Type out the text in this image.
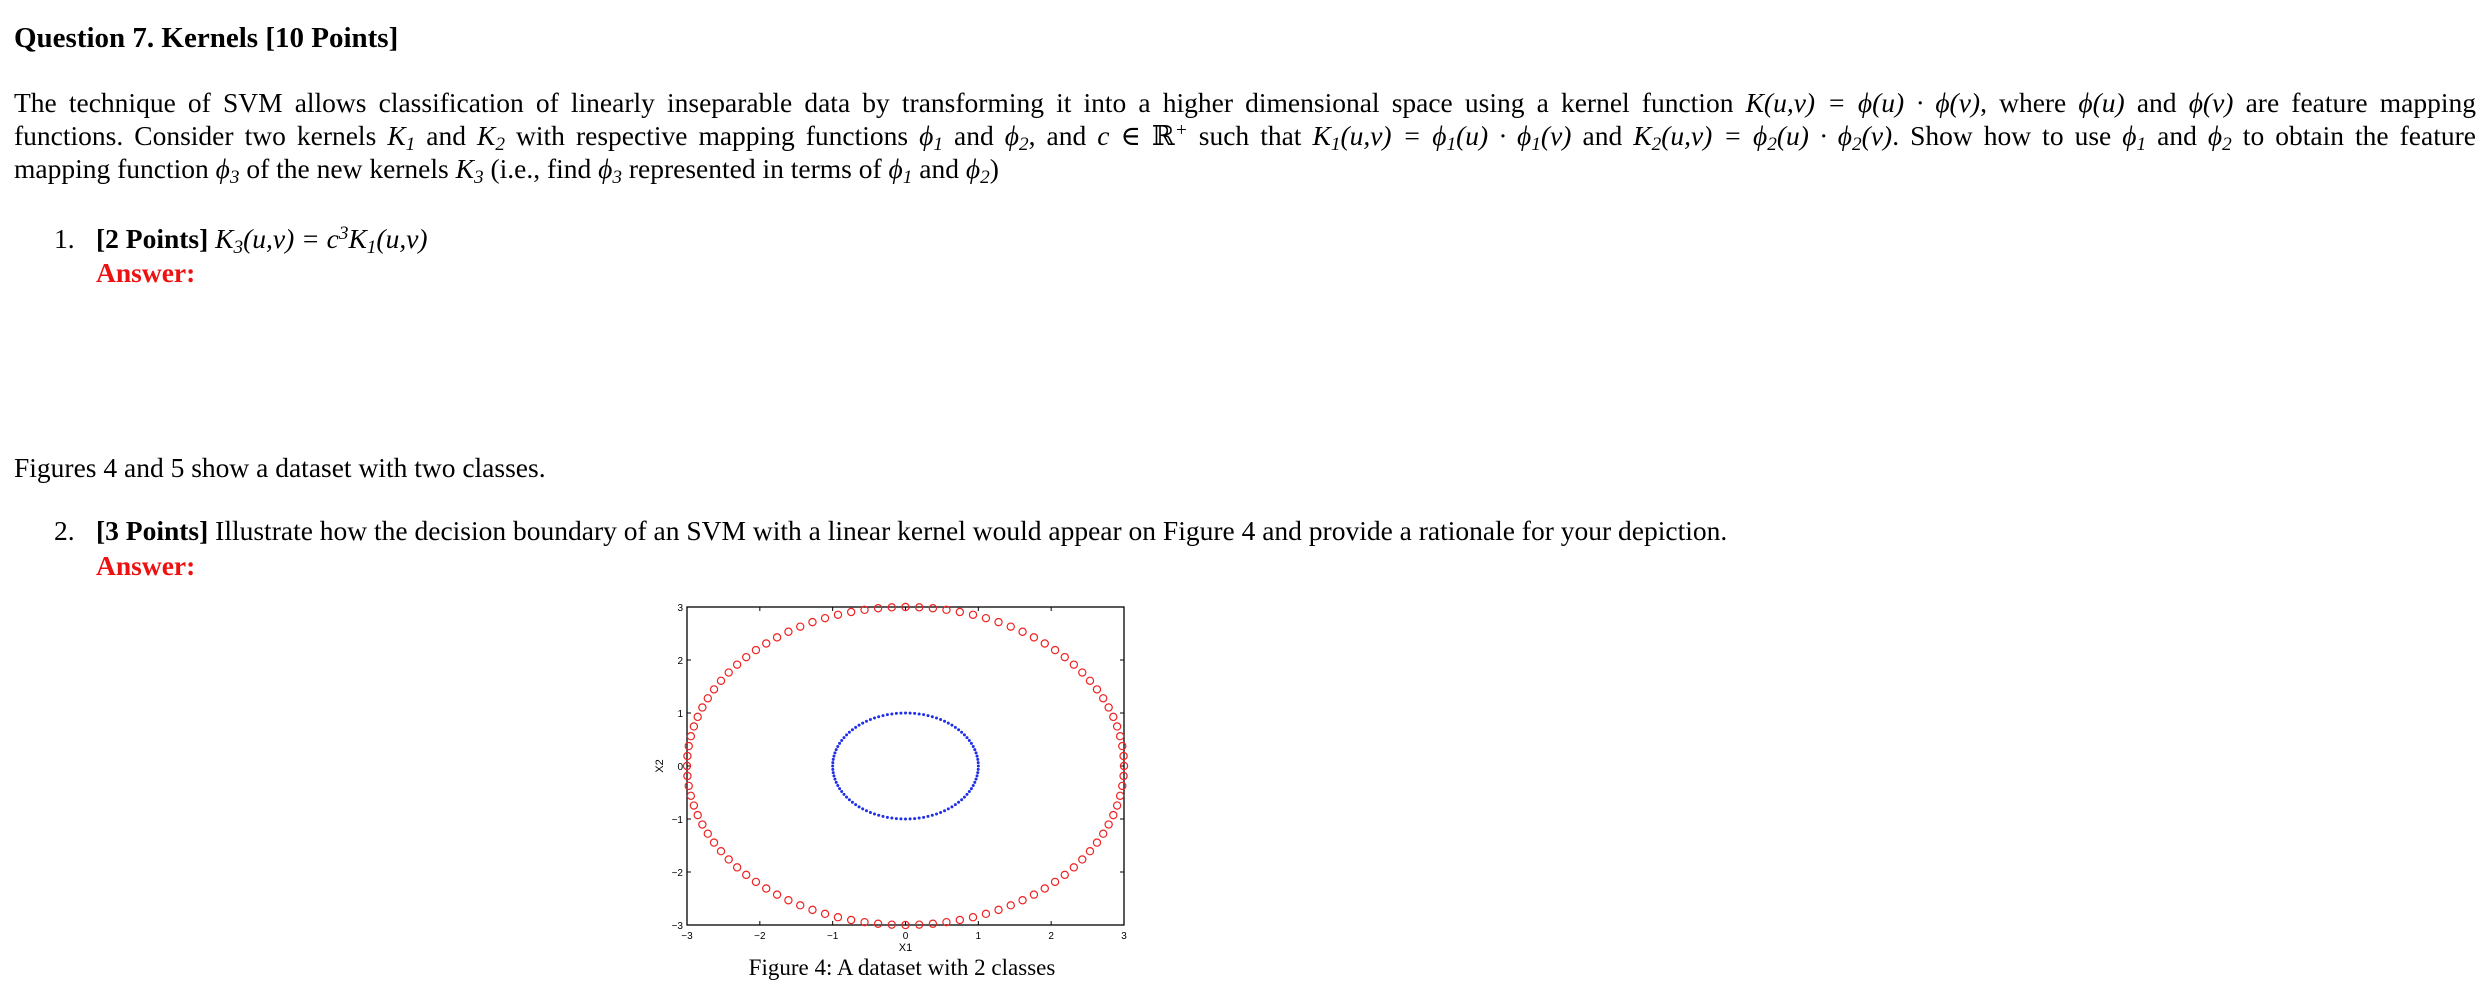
Question 7. Kernels [10 Points]
The technique of SVM allows classification of linearly inseparable data by transforming it into a higher dimensional space using a kernel function K(u,v) = ϕ(u) · ϕ(v), where ϕ(u) and ϕ(v) are feature mapping
functions. Consider two kernels $K_1$ and $K_2$ with respective mapping functions $\phi_1$ and $\phi_2$, and c ∈ ℝ+ such that $K_1(u,v) = \phi_1(u) \cdot \phi_1(v)$ and $K_2(u,v) = \phi_2(u) \cdot \phi_2(v)$. Show how to use $\phi_1$ and $\phi_2$ to obtain the feature
mapping function $\phi_3$ of the new kernels $K_3$ (i.e., find $\phi_3$ represented in terms of $\phi_1$ and $\phi_2$)
1. [2 Points] $K_3(u,v) = c^3K_1(u,v)$
Answer:
Figures 4 and 5 show a dataset with two classes.
2. [3 Points] Illustrate how the decision boundary of an SVM with a linear kernel would appear on Figure 4 and provide a rationale for your depiction.
Answer:
−3	−2	−1	0	1	2	3
−3
−2
−1
0
1
2
3
X1
X2
Figure 4: A dataset with 2 classes
